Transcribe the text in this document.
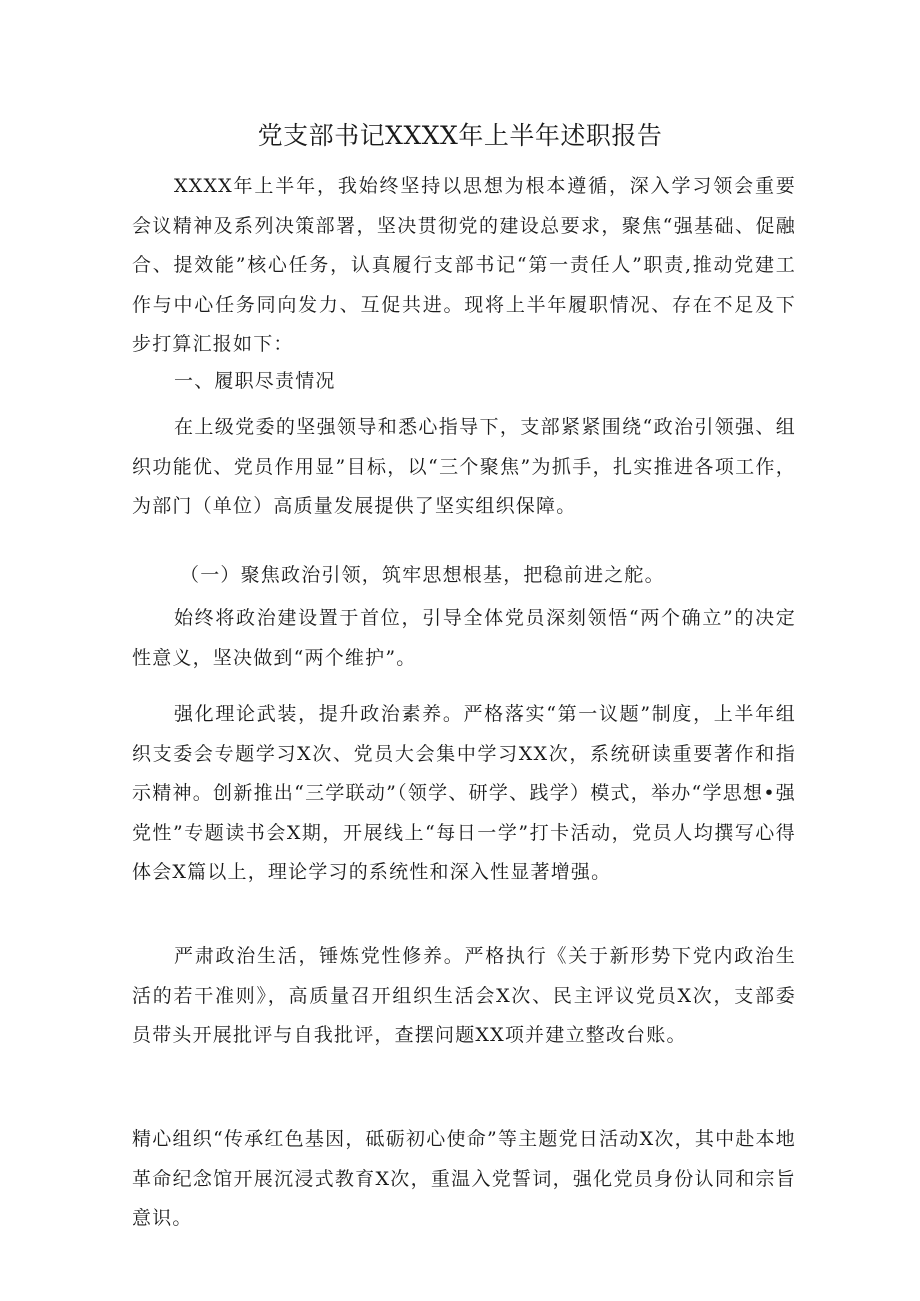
党支部书记XXXX年上半年述职报告

XXXX年上半年，我始终坚持以思想为根本遵循，深入学习领会重要会议精神及系列决策部署，坚决贯彻党的建设总要求，聚焦“强基础、促融合、提效能”核心任务，认真履行支部书记“第一责任人”职责,推动党建工作与中心任务同向发力、互促共进。现将上半年履职情况、存在不足及下步打算汇报如下：

一、履职尽责情况

在上级党委的坚强领导和悉心指导下，支部紧紧围绕“政治引领强、组织功能优、党员作用显”目标，以“三个聚焦”为抓手，扎实推进各项工作，为部门（单位）高质量发展提供了坚实组织保障。

（一）聚焦政治引领，筑牢思想根基，把稳前进之舵。

始终将政治建设置于首位，引导全体党员深刻领悟“两个确立”的决定性意义，坚决做到“两个维护”。

强化理论武装，提升政治素养。严格落实“第一议题”制度，上半年组织支委会专题学习X次、党员大会集中学习XX次，系统研读重要著作和指示精神。创新推出“三学联动”（领学、研学、践学）模式，举办“学思想•强党性”专题读书会X期，开展线上“每日一学”打卡活动，党员人均撰写心得体会X篇以上，理论学习的系统性和深入性显著增强。

严肃政治生活，锤炼党性修养。严格执行《关于新形势下党内政治生活的若干准则》，高质量召开组织生活会X次、民主评议党员X次，支部委员带头开展批评与自我批评，查摆问题XX项并建立整改台账。

精心组织“传承红色基因，砥砺初心使命”等主题党日活动X次，其中赴本地革命纪念馆开展沉浸式教育X次，重温入党誓词，强化党员身份认同和宗旨意识。
